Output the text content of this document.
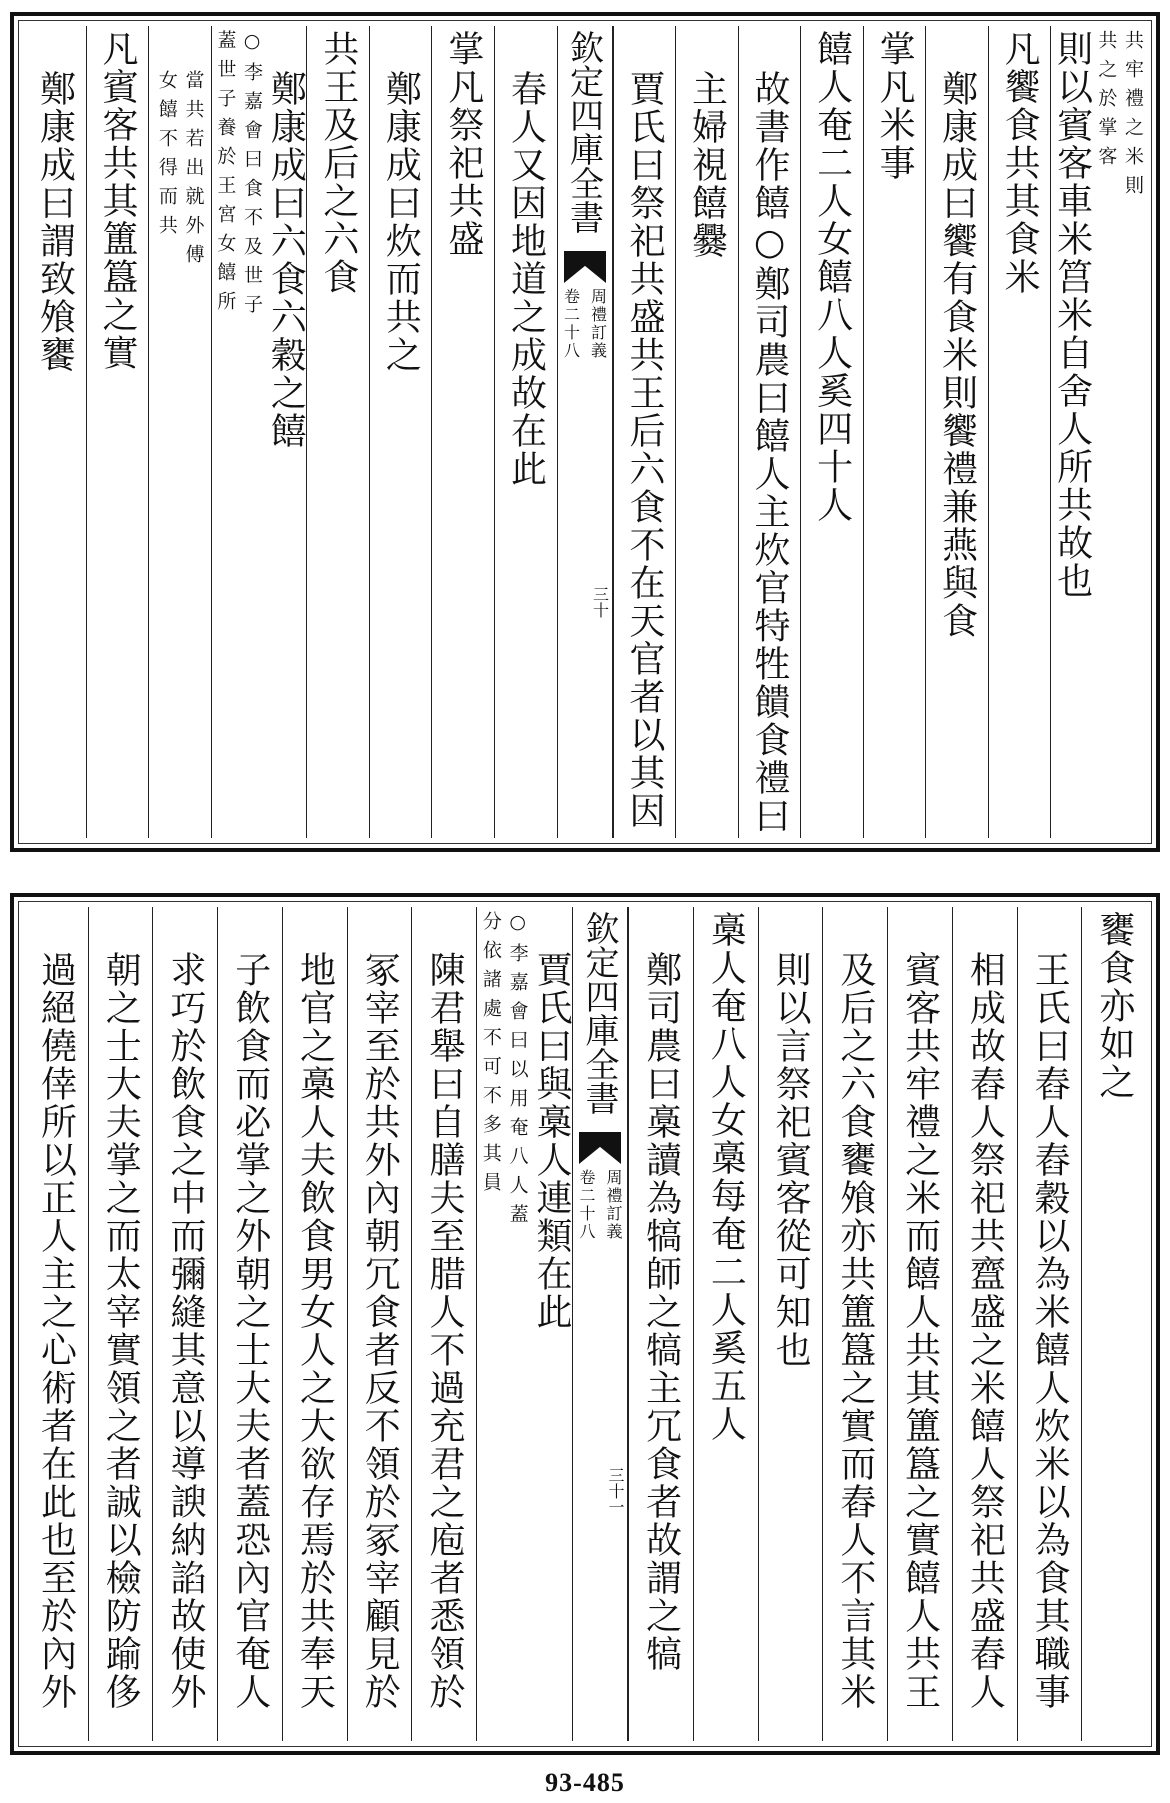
共牢禮之米則
共之於掌客
則以賓客車米筥米自舍人所共故也
凡饗食共其食米
鄭康成曰饗有食米則饗禮兼燕與食
掌凡米事
饎人奄二人女饎八人奚四十人
故書作饎○鄭司農曰饎人主炊官特牲饋食禮曰
主婦視饎爨
賈氏曰祭祀共盛共王后六食不在天官者以其因
欽定四庫全書
周禮訂義
卷二十八
三十
春人又因地道之成故在此
掌凡祭祀共盛
鄭康成曰炊而共之
共王及后之六食
鄭康成曰六食六穀之饎
○李嘉會曰食不及世子
蓋世子養於王宮女饎所
當共若出就外傅
女饎不得而共
凡賓客共其簠簋之實
鄭康成曰謂致飧饔
饔食亦如之
王氏曰舂人舂穀以為米饎人炊米以為食其職事
相成故舂人祭祀共齍盛之米饎人祭祀共盛舂人
賓客共牢禮之米而饎人共其簠簋之實饎人共王
及后之六食饔飧亦共簠簋之實而舂人不言其米
則以言祭祀賓客從可知也
槀人奄八人女槀每奄二人奚五人
鄭司農曰槀讀為犒師之犒主冗食者故謂之犒
欽定四庫全書
周禮訂義
卷二十八
三十一
賈氏曰與槀人連類在此
○李嘉會曰以用奄八人蓋
分依諸處不可不多其員
陳君舉曰自膳夫至腊人不過充君之庖者悉領於
冢宰至於共外內朝冗食者反不領於冢宰顧見於
地官之槀人夫飲食男女人之大欲存焉於共奉天
子飲食而必掌之外朝之士大夫者蓋恐內官奄人
求巧於飲食之中而彌縫其意以導諛納諂故使外
朝之士大夫掌之而太宰實領之者誠以檢防踰侈
過絕僥倖所以正人主之心術者在此也至於內外
93-485
